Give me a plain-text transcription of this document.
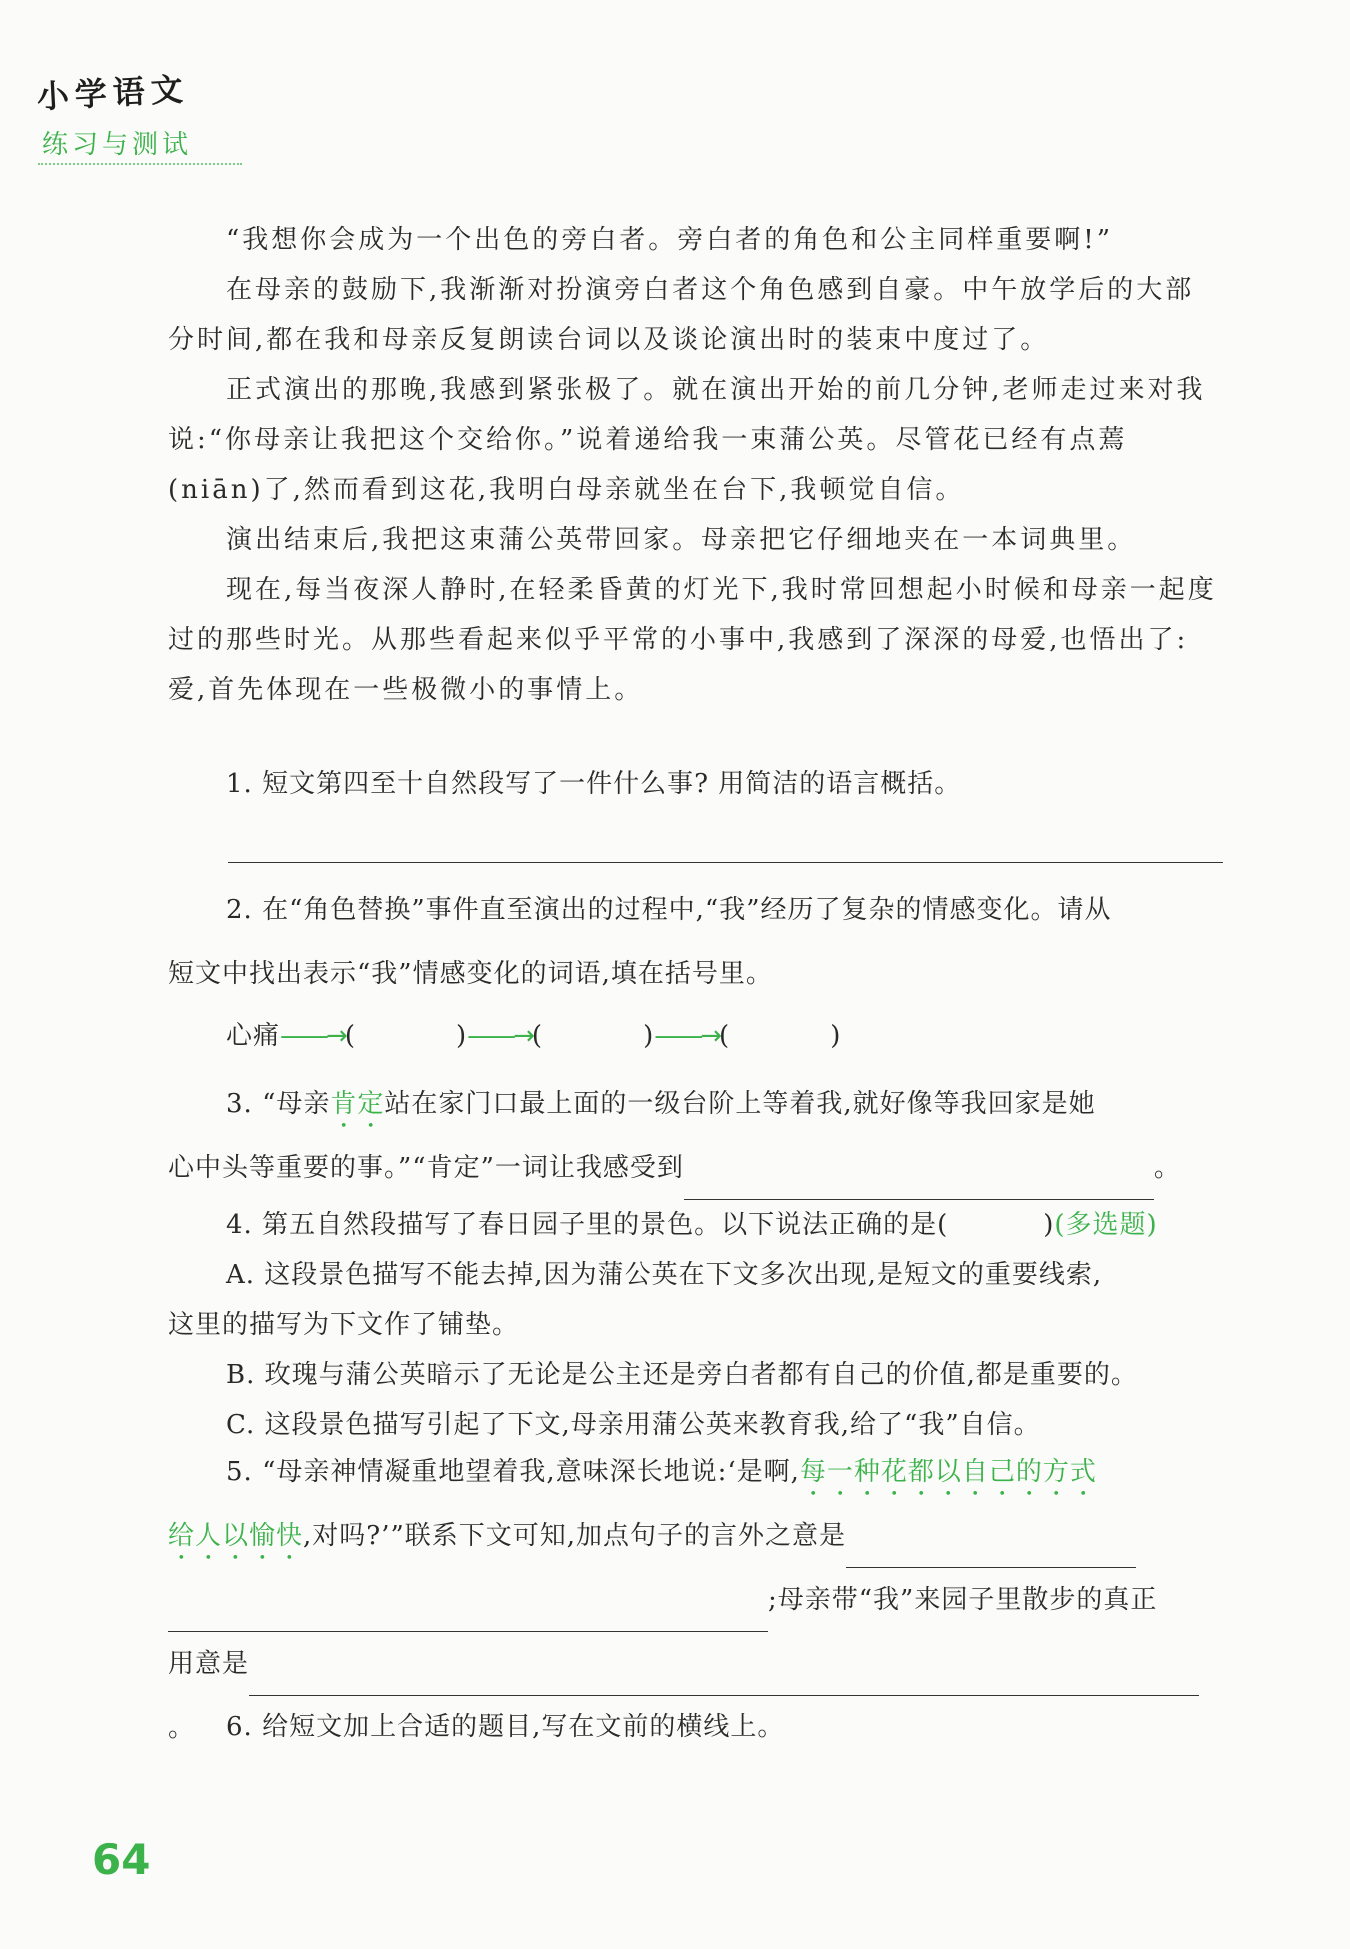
小学语文
练习与测试

“我想你会成为一个出色的旁白者。旁白者的角色和公主同样重要啊!”

在母亲的鼓励下,我渐渐对扮演旁白者这个角色感到自豪。中午放学后的大部分时间,都在我和母亲反复朗读台词以及谈论演出时的装束中度过了。

正式演出的那晚,我感到紧张极了。就在演出开始的前几分钟,老师走过来对我说:“你母亲让我把这个交给你。”说着递给我一束蒲公英。尽管花已经有点蔫(niān)了,然而看到这花,我明白母亲就坐在台下,我顿觉自信。

演出结束后,我把这束蒲公英带回家。母亲把它仔细地夹在一本词典里。

现在,每当夜深人静时,在轻柔昏黄的灯光下,我时常回想起小时候和母亲一起度过的那些时光。从那些看起来似乎平常的小事中,我感到了深深的母爱,也悟出了:爱,首先体现在一些极微小的事情上。

1. 短文第四至十自然段写了一件什么事? 用简洁的语言概括。
2. 在“角色替换”事件直至演出的过程中,“我”经历了复杂的情感变化。请从
短文中找出表示“我”情感变化的词语,填在括号里。
心痛——→(	)——→(	)——→(	)
3. “母亲肯定站在家门口最上面的一级台阶上等着我,就好像等我回家是她
心中头等重要的事。”“肯定”一词让我感受到	。
4. 第五自然段描写了春日园子里的景色。以下说法正确的是(	)(多选题)
A. 这段景色描写不能去掉,因为蒲公英在下文多次出现,是短文的重要线索,
这里的描写为下文作了铺垫。
B. 玫瑰与蒲公英暗示了无论是公主还是旁白者都有自己的价值,都是重要的。
C. 这段景色描写引起了下文,母亲用蒲公英来教育我,给了“我”自信。
5. “母亲神情凝重地望着我,意味深长地说:‘是啊,每一种花都以自己的方式
给人以愉快,对吗?’”联系下文可知,加点句子的言外之意是
;母亲带“我”来园子里散步的真正
用意是。	6. 给短文加上合适的题目,写在文前的横线上。
64
